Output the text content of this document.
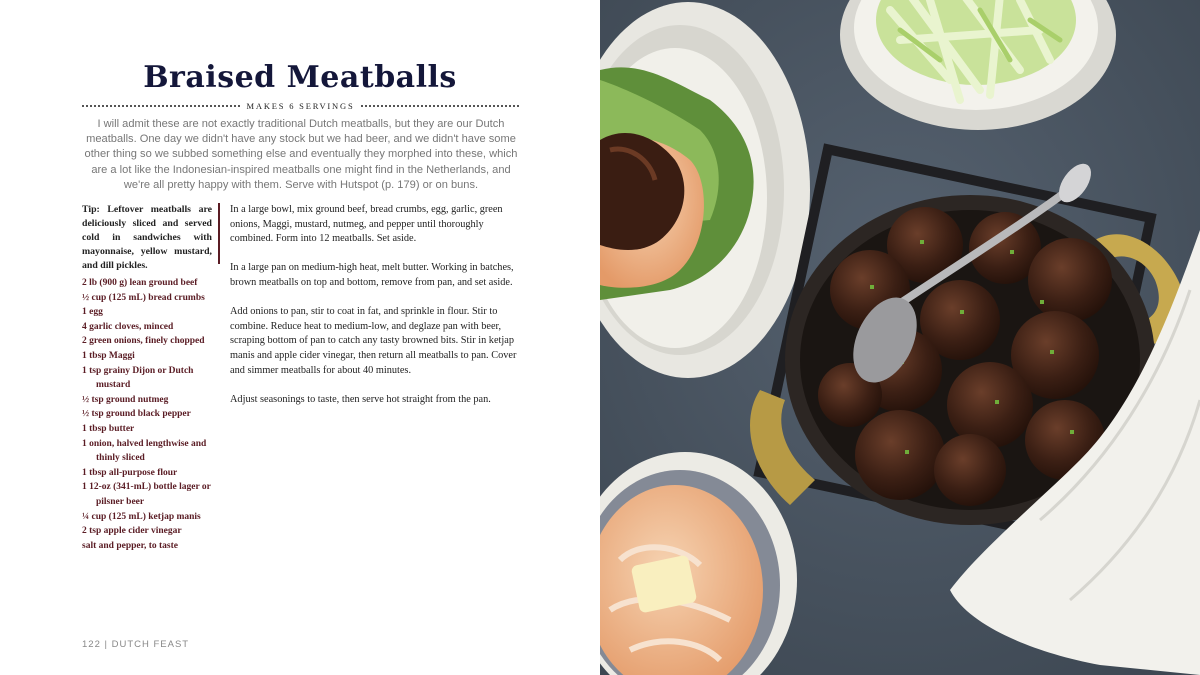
Braised Meatballs
MAKES 6 SERVINGS

I will admit these are not exactly traditional Dutch meatballs, but they are our Dutch meatballs. One day we didn't have any stock but we had beer, and we didn't have some other thing so we subbed something else and eventually they morphed into these, which are a lot like the Indonesian-inspired meatballs one might find in the Netherlands, and we're all pretty happy with them. Serve with Hutspot (p. 179) or on buns.

Tip: Leftover meatballs are deliciously sliced and served cold in sandwiches with mayonnaise, yellow mustard, and dill pickles.

2 lb (900 g) lean ground beef
½ cup (125 mL) bread crumbs
1 egg
4 garlic cloves, minced
2 green onions, finely chopped
1 tbsp Maggi
1 tsp grainy Dijon or Dutch mustard
½ tsp ground nutmeg
½ tsp ground black pepper
1 tbsp butter
1 onion, halved lengthwise and thinly sliced
1 tbsp all-purpose flour
1 12-oz (341-mL) bottle lager or pilsner beer
¼ cup (125 mL) ketjap manis
2 tsp apple cider vinegar
salt and pepper, to taste

In a large bowl, mix ground beef, bread crumbs, egg, garlic, green onions, Maggi, mustard, nutmeg, and pepper until thoroughly combined. Form into 12 meatballs. Set aside.

In a large pan on medium-high heat, melt butter. Working in batches, brown meatballs on top and bottom, remove from pan, and set aside.

Add onions to pan, stir to coat in fat, and sprinkle in flour. Stir to combine. Reduce heat to medium-low, and deglaze pan with beer, scraping bottom of pan to catch any tasty browned bits. Stir in ketjap manis and apple cider vinegar, then return all meatballs to pan. Cover and simmer meatballs for about 40 minutes.

Adjust seasonings to taste, then serve hot straight from the pan.

122 | DUTCH FEAST
